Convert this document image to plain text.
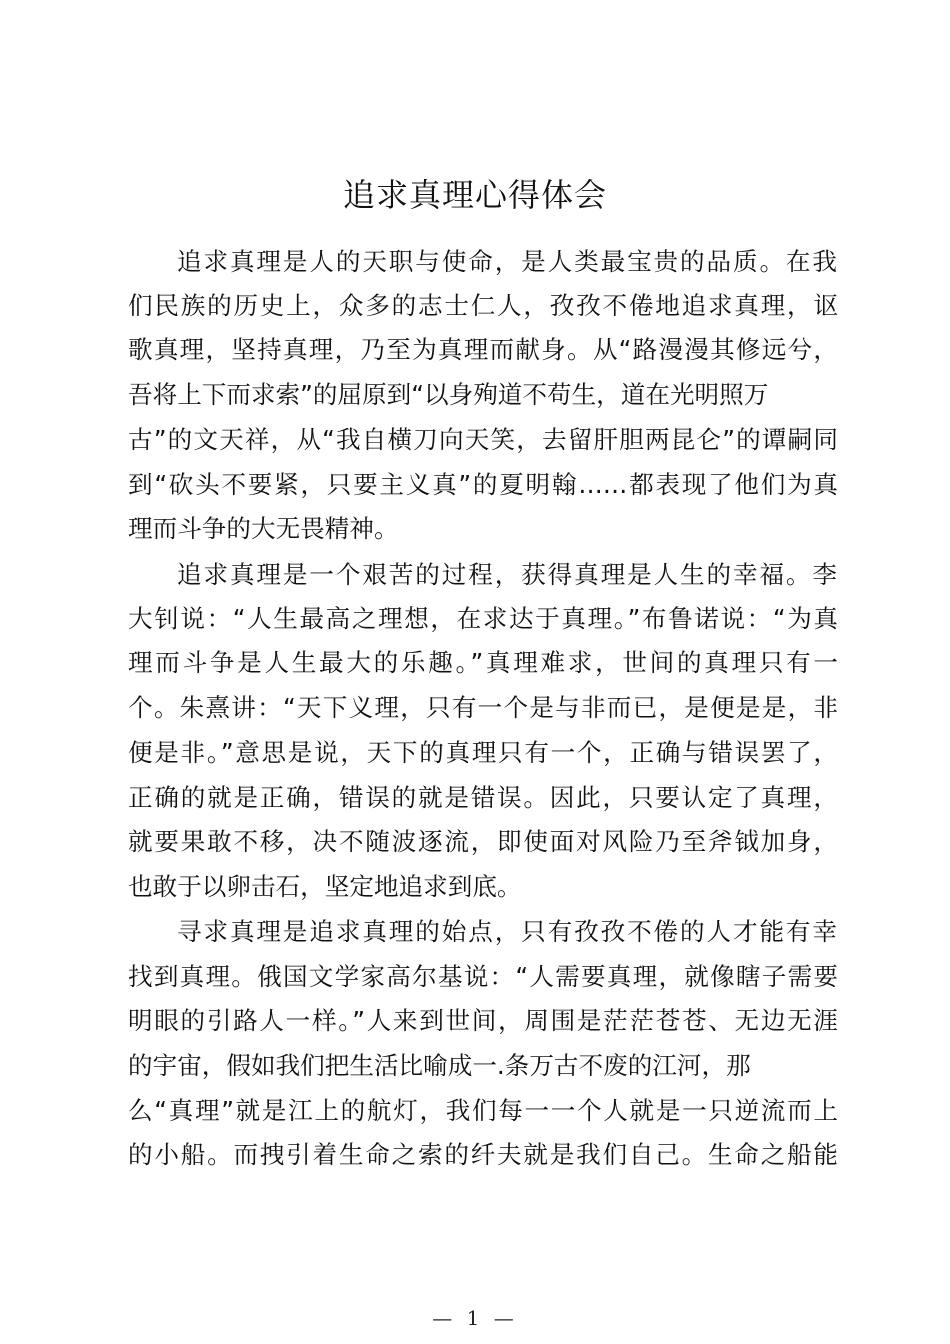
追求真理心得体会
追求真理是人的天职与使命，是人类最宝贵的品质。在我
们民族的历史上，众多的志士仁人，孜孜不倦地追求真理，讴
歌真理，坚持真理，乃至为真理而献身。从“路漫漫其修远兮，
吾将上下而求索”的屈原到“以身殉道不苟生，道在光明照万
古”的文天祥，从“我自横刀向天笑，去留肝胆两昆仑”的谭嗣同
到“砍头不要紧，只要主义真”的夏明翰……都表现了他们为真
理而斗争的大无畏精神。
追求真理是一个艰苦的过程，获得真理是人生的幸福。李
大钊说：“人生最高之理想，在求达于真理。”布鲁诺说：“为真
理而斗争是人生最大的乐趣。”真理难求，世间的真理只有一
个。朱熹讲：“天下义理，只有一个是与非而已，是便是是，非
便是非。”意思是说，天下的真理只有一个，正确与错误罢了，
正确的就是正确，错误的就是错误。因此，只要认定了真理，
就要果敢不移，决不随波逐流，即使面对风险乃至斧钺加身，
也敢于以卵击石，坚定地追求到底。
寻求真理是追求真理的始点，只有孜孜不倦的人才能有幸
找到真理。俄国文学家高尔基说：“人需要真理，就像瞎子需要
明眼的引路人一样。”人来到世间，周围是茫茫苍苍、无边无涯
的宇宙，假如我们把生活比喻成一.条万古不废的江河，那
么“真理”就是江上的航灯，我们每一一个人就是一只逆流而上
的小船。而拽引着生命之索的纤夫就是我们自己。生命之船能
— 1 —
